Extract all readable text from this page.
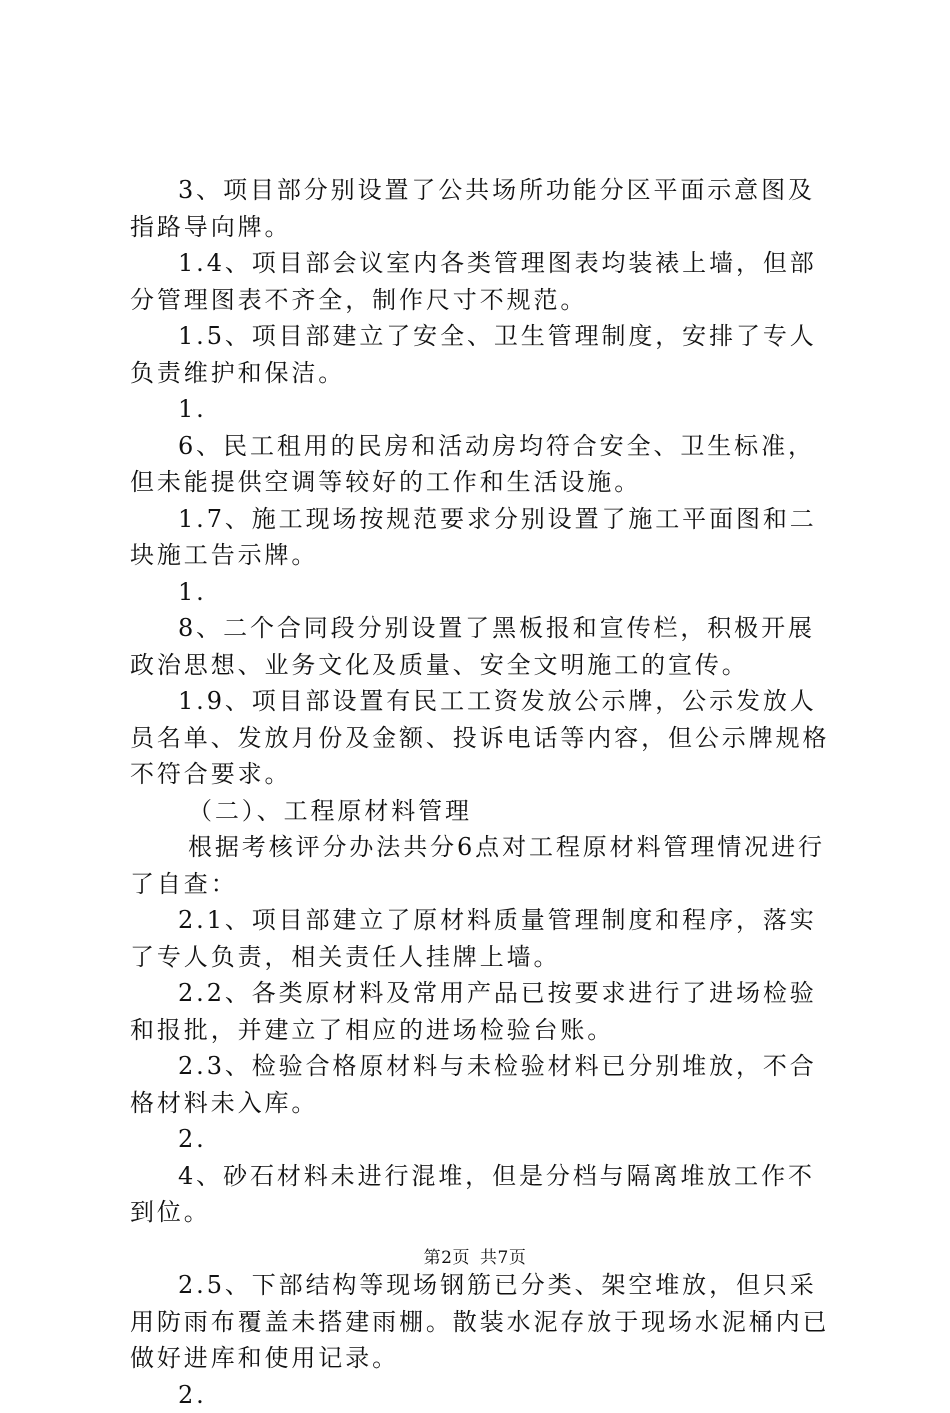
3、项目部分别设置了公共场所功能分区平面示意图及指路导向牌。

1.4、项目部会议室内各类管理图表均装裱上墙，但部分管理图表不齐全，制作尺寸不规范。

1.5、项目部建立了安全、卫生管理制度，安排了专人负责维护和保洁。

1.

6、民工租用的民房和活动房均符合安全、卫生标准，但未能提供空调等较好的工作和生活设施。

1.7、施工现场按规范要求分别设置了施工平面图和二块施工告示牌。

1.

8、二个合同段分别设置了黑板报和宣传栏，积极开展政治思想、业务文化及质量、安全文明施工的宣传。

1.9、项目部设置有民工工资发放公示牌，公示发放人员名单、发放月份及金额、投诉电话等内容，但公示牌规格不符合要求。

（二）、工程原材料管理

根据考核评分办法共分6点对工程原材料管理情况进行了自查：

2.1、项目部建立了原材料质量管理制度和程序，落实了专人负责，相关责任人挂牌上墙。

2.2、各类原材料及常用产品已按要求进行了进场检验和报批，并建立了相应的进场检验台账。

2.3、检验合格原材料与未检验材料已分别堆放，不合格材料未入库。

2.

4、砂石材料未进行混堆，但是分档与隔离堆放工作不到位。

2.5、下部结构等现场钢筋已分类、架空堆放，但只采用防雨布覆盖未搭建雨棚。散装水泥存放于现场水泥桶内已做好进库和使用记录。

2.

第2页 共7页
